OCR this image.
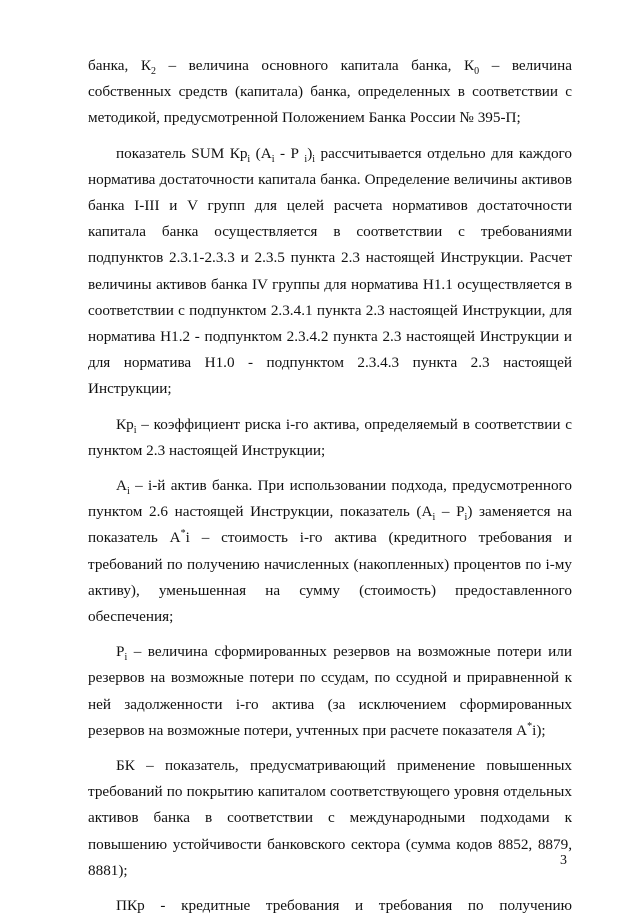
банка, $К_2$ – величина основного капитала банка, $К_0$ – величина собственных средств (капитала) банка, определенных в соответствии с методикой, предусмотренной Положением Банка России № 395-П;

показатель SUM $Кр_i$ ($А_i$ - Р $_i)_i$ рассчитывается отдельно для каждого норматива достаточности капитала банка. Определение величины активов банка I-III и V групп для целей расчета нормативов достаточности капитала банка осуществляется в соответствии с требованиями подпунктов 2.3.1-2.3.3 и 2.3.5 пункта 2.3 настоящей Инструкции. Расчет величины активов банка IV группы для норматива Н1.1 осуществляется в соответствии с подпунктом 2.3.4.1 пункта 2.3 настоящей Инструкции, для норматива Н1.2 - подпунктом 2.3.4.2 пункта 2.3 настоящей Инструкции и для норматива Н1.0 - подпунктом 2.3.4.3 пункта 2.3 настоящей Инструкции;

$Кр_i$ – коэффициент риска i-го актива, определяемый в соответствии с пунктом 2.3 настоящей Инструкции;

$А_i - i-й$ актив банка. При использовании подхода, предусмотренного пунктом 2.6 настоящей Инструкции, показатель $(А_i - Р_i)$ заменяется на показатель А*i – стоимость i-го актива (кредитного требования и требований по получению начисленных (накопленных) процентов по i-му активу), уменьшенная на сумму (стоимость) предоставленного обеспечения;

$Р_i$ – величина сформированных резервов на возможные потери или резервов на возможные потери по ссудам, по ссудной и приравненной к ней задолженности i-го актива (за исключением сформированных резервов на возможные потери, учтенных при расчете показателя А*i);

БК – показатель, предусматривающий применение повышенных требований по покрытию капиталом соответствующего уровня отдельных активов банка в соответствии с международными подходами к повышению устойчивости банковского сектора (сумма кодов 8852, 8879, 8881);

ПКр - кредитные требования и требования по получению

3
